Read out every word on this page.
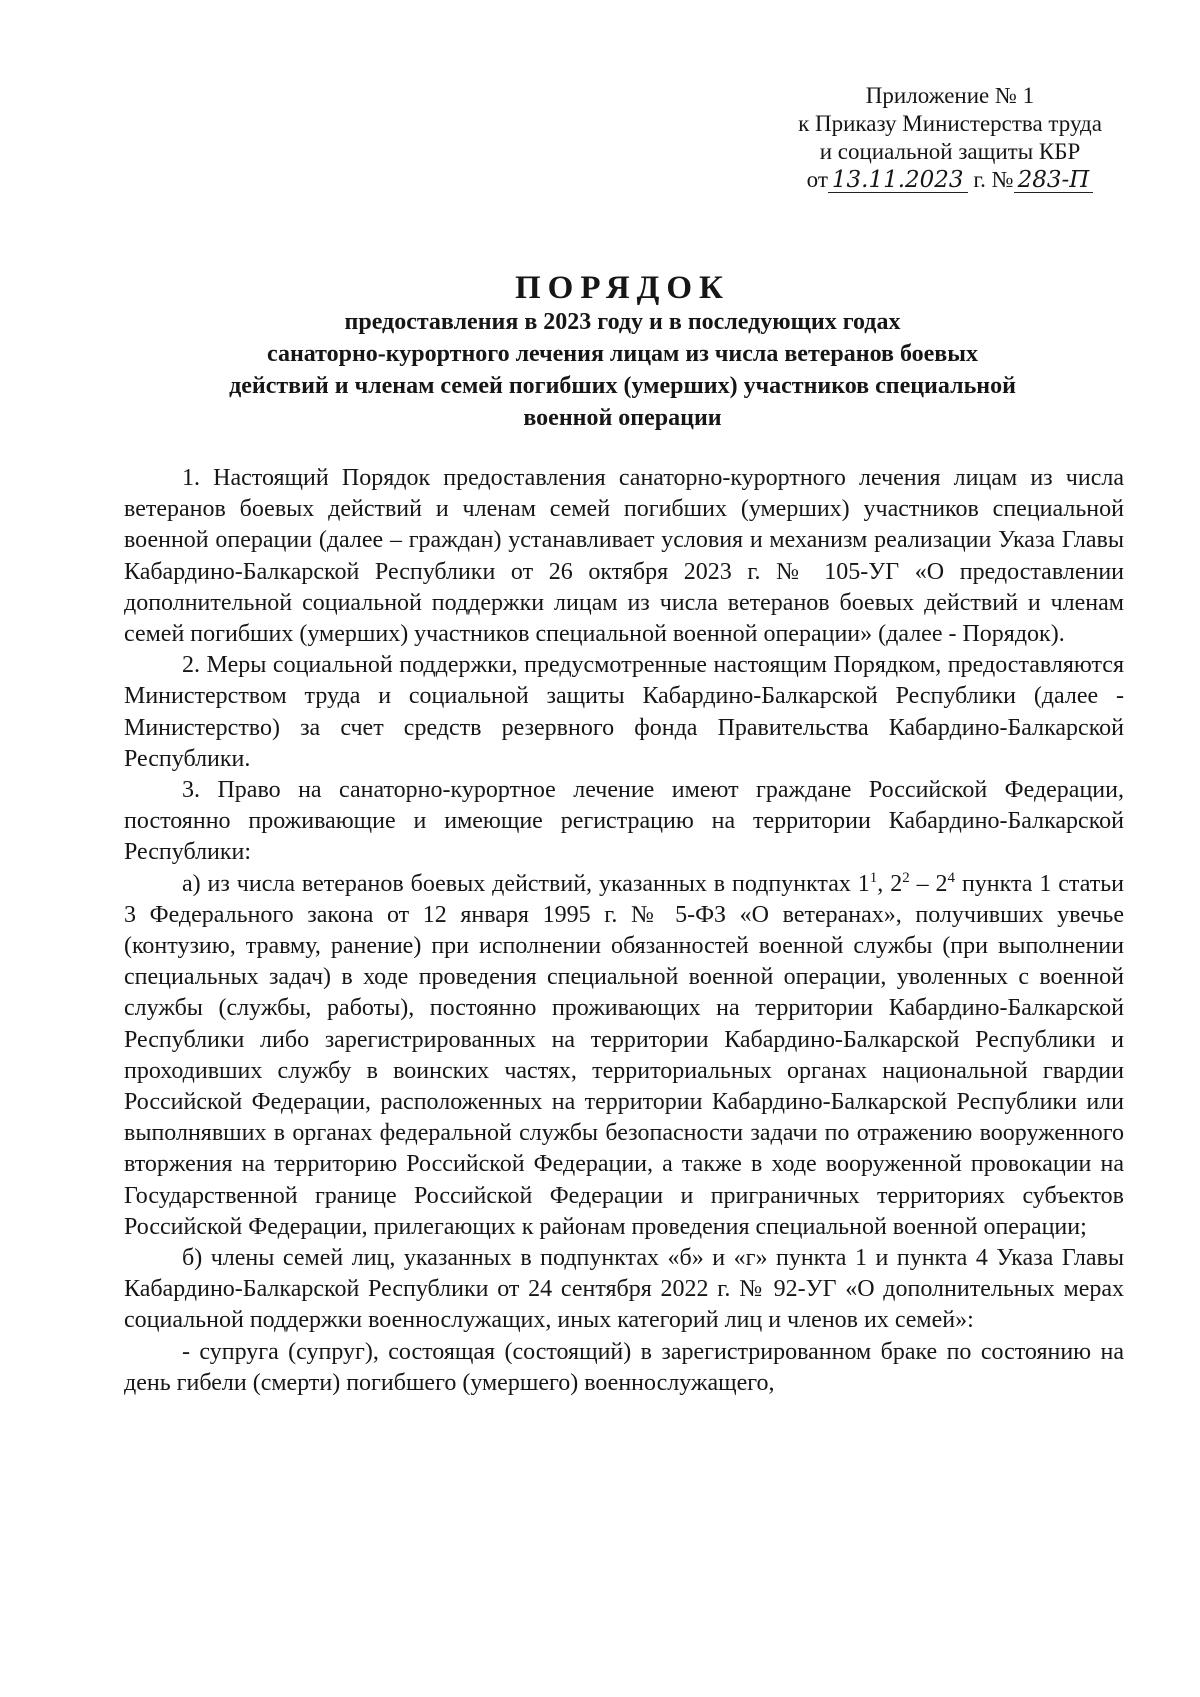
Приложение № 1
к Приказу Министерства труда
и социальной защиты КБР
от 13.11.2023 г. № 283-П
ПОРЯДОК
предоставления в 2023 году и в последующих годах
санаторно-курортного лечения лицам из числа ветеранов боевых
действий и членам семей погибших (умерших) участников специальной
военной операции

1. Настоящий Порядок предоставления санаторно-курортного лечения лицам из числа ветеранов боевых действий и членам семей погибших (умерших) участников специальной военной операции (далее – граждан) устанавливает условия и механизм реализации Указа Главы Кабардино-Балкарской Республики от 26 октября 2023 г. № 105-УГ «О предоставлении дополнительной социальной поддержки лицам из числа ветеранов боевых действий и членам семей погибших (умерших) участников специальной военной операции» (далее - Порядок).

2. Меры социальной поддержки, предусмотренные настоящим Порядком, предоставляются Министерством труда и социальной защиты Кабардино-Балкарской Республики (далее - Министерство) за счет средств резервного фонда Правительства Кабардино-Балкарской Республики.

3. Право на санаторно-курортное лечение имеют граждане Российской Федерации, постоянно проживающие и имеющие регистрацию на территории Кабардино-Балкарской Республики:

а) из числа ветеранов боевых действий, указанных в подпунктах $1^1$, $2^2 - 2^4$ пункта 1 статьи 3 Федерального закона от 12 января 1995 г. № 5-ФЗ «О ветеранах», получивших увечье (контузию, травму, ранение) при исполнении обязанностей военной службы (при выполнении специальных задач) в ходе проведения специальной военной операции, уволенных с военной службы (службы, работы), постоянно проживающих на территории Кабардино-Балкарской Республики либо зарегистрированных на территории Кабардино-Балкарской Республики и проходивших службу в воинских частях, территориальных органах национальной гвардии Российской Федерации, расположенных на территории Кабардино-Балкарской Республики или выполнявших в органах федеральной службы безопасности задачи по отражению вооруженного вторжения на территорию Российской Федерации, а также в ходе вооруженной провокации на Государственной границе Российской Федерации и приграничных территориях субъектов Российской Федерации, прилегающих к районам проведения специальной военной операции;

б) члены семей лиц, указанных в подпунктах «б» и «г» пункта 1 и пункта 4 Указа Главы Кабардино-Балкарской Республики от 24 сентября 2022 г. № 92-УГ «О дополнительных мерах социальной поддержки военнослужащих, иных категорий лиц и членов их семей»:

- супруга (супруг), состоящая (состоящий) в зарегистрированном браке по состоянию на день гибели (смерти) погибшего (умершего) военнослужащего,
